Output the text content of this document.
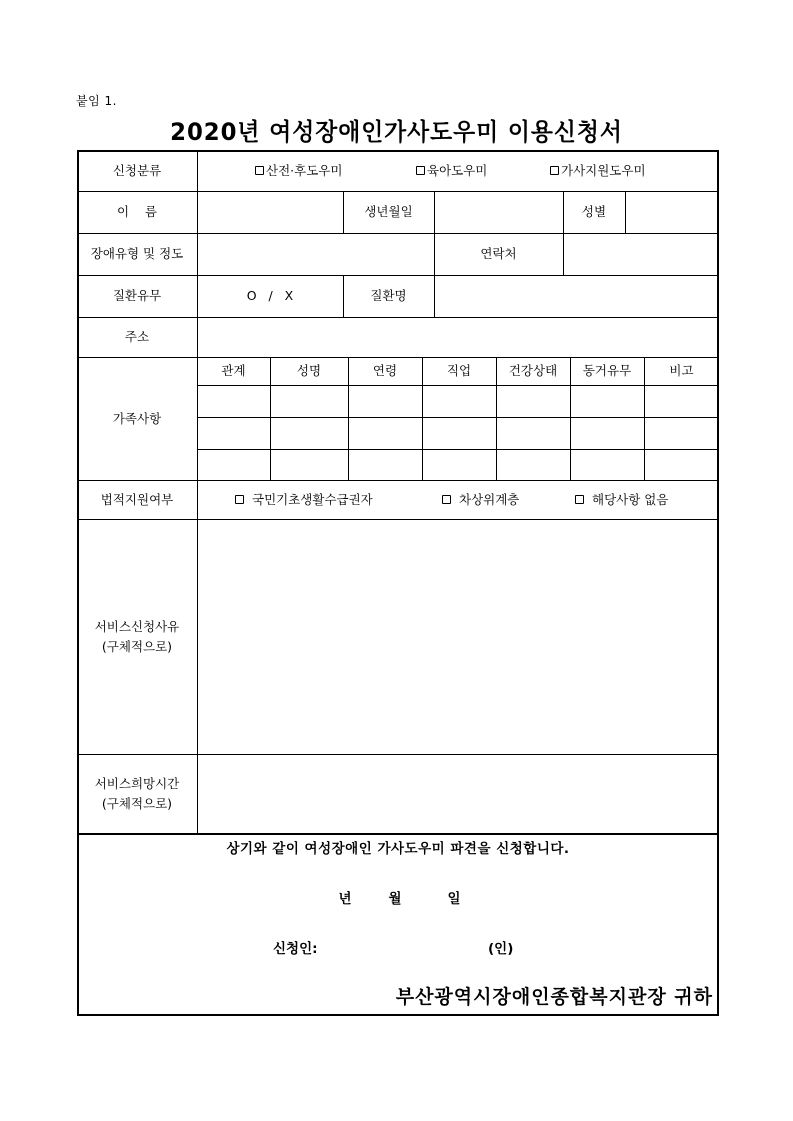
붙임 1.
2020년 여성장애인가사도우미 이용신청서
신청분류	산전·후도우미	육아도우미	가사지원도우미
이    름	생년월일	성별
장애유형 및 정도	연락처
질환유무	O   /   X	질환명
주소
가족사항
관계	성명	연령	직업	건강상태	동거유무	비고
법적지원여부	국민기초생활수급권자	차상위계층	해당사항 없음
서비스신청사유
(구체적으로)
서비스희망시간
(구체적으로)
상기와 같이 여성장애인 가사도우미 파견을 신청합니다.
년	월	일
신청인:	(인)
부산광역시장애인종합복지관장 귀하
